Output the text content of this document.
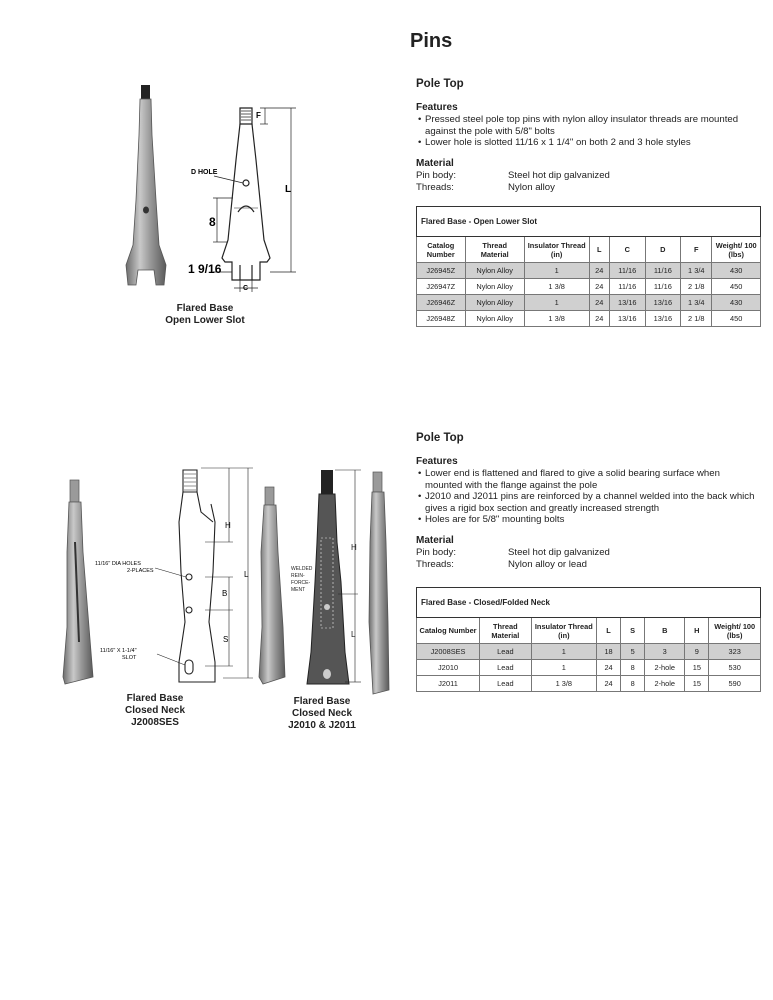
Pins
F
D HOLE
L
8
1 9/16
C
Flared Base
Open Lower Slot
Pole Top
Features
• Pressed steel pole top pins with nylon alloy insulator threads are mounted against the pole with 5/8" bolts
• Lower hole is slotted 11/16 x 1 1/4" on both 2 and 3 hole styles
Material
Pin body:	Steel hot dip galvanized
Threads:	Nylon alloy
Flared Base - Open Lower Slot							
Catalog Number	Thread Material	Insulator Thread (in)	L	C	D	F	Weight/ 100 (lbs)
J26945Z	Nylon Alloy	1	24	11/16	11/16	1 3/4	430
J26947Z	Nylon Alloy	1 3/8	24	11/16	11/16	2 1/8	450
J26946Z	Nylon Alloy	1	24	13/16	13/16	1 3/4	430
J26948Z	Nylon Alloy	1 3/8	24	13/16	13/16	2 1/8	450
H
L
B
S
11/16" DIA HOLES
2-PLACES
11/16" X 1-1/4"
SLOT
H
L
WELDED
REIN-
FORCE-
MENT
Flared Base
Closed Neck
J2008SES
Flared Base
Closed Neck
J2010 & J2011
Pole Top
Features
• Lower end is flattened and flared to give a solid bearing surface when mounted with the flange against the pole
• J2010 and J2011 pins are reinforced by a channel welded into the back which gives a rigid box section and greatly increased strength
• Holes are for 5/8" mounting bolts
Material
Pin body:	Steel hot dip galvanized
Threads:	Nylon alloy or lead
Flared Base - Closed/Folded Neck							
Catalog Number	Thread Material	Insulator Thread (in)	L	S	B	H	Weight/ 100 (lbs)
J2008SES	Lead	1	18	5	3	9	323
J2010	Lead	1	24	8	2-hole	15	530
J2011	Lead	1 3/8	24	8	2-hole	15	590
